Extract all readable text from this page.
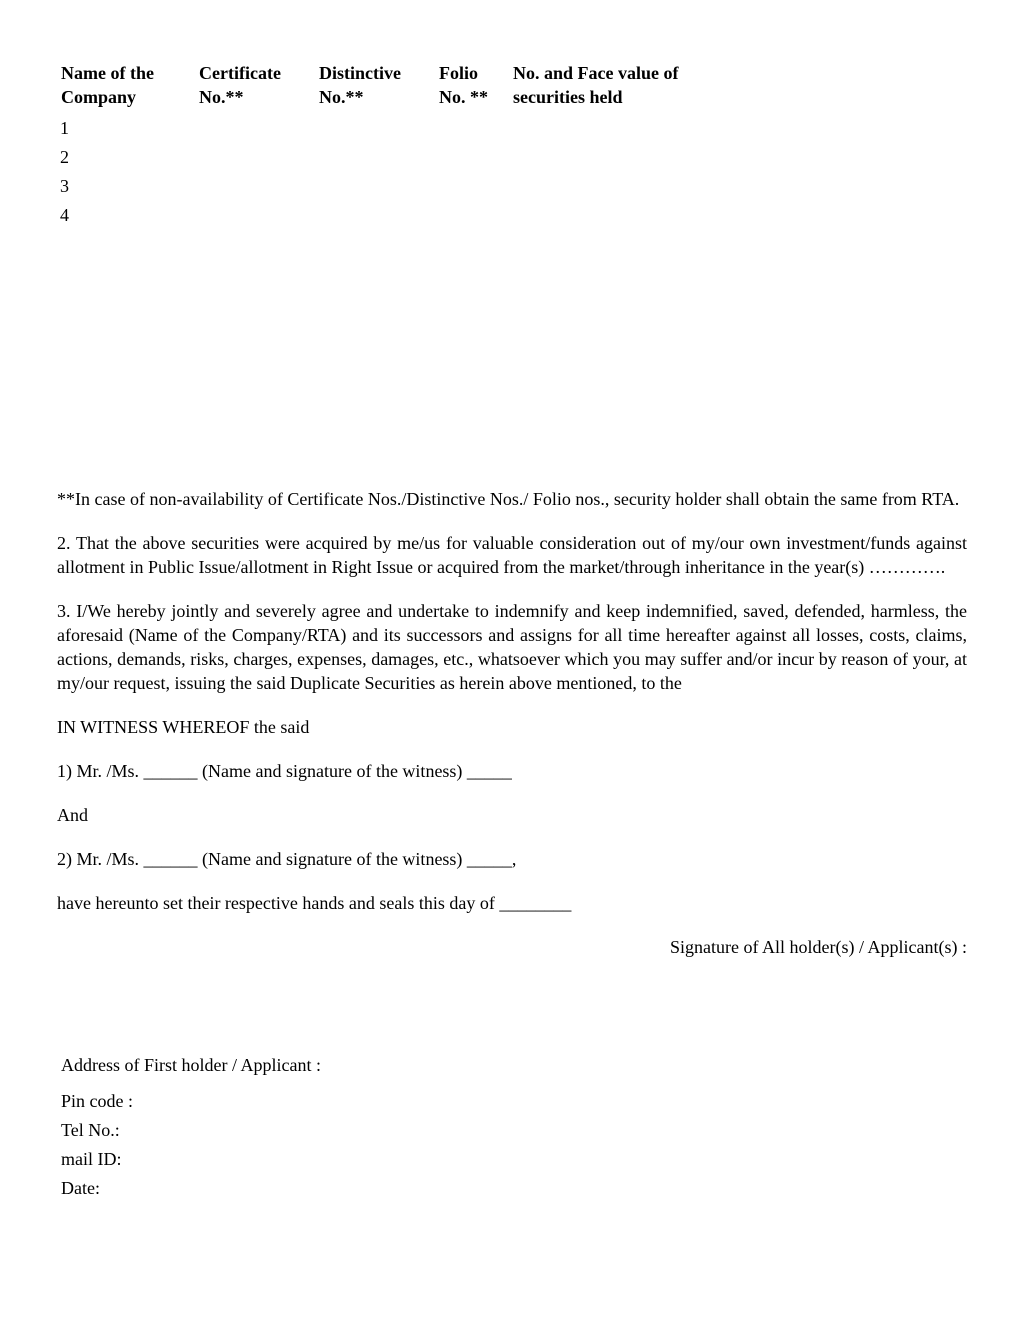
Name of the
Company
Certificate
No.**
Distinctive
No.**
Folio
No. **
No. and Face value of
securities held
1
2
3
4

**In case of non-availability of Certificate Nos./Distinctive Nos./ Folio nos., security holder shall obtain the same from RTA.

2. That the above securities were acquired by me/us for valuable consideration out of my/our own investment/funds against allotment in Public Issue/allotment in Right Issue or acquired from the market/through inheritance in the year(s) ………….

3. I/We hereby jointly and severely agree and undertake to indemnify and keep indemnified, saved, defended, harmless, the aforesaid (Name of the Company/RTA) and its successors and assigns for all time hereafter against all losses, costs, claims, actions, demands, risks, charges, expenses, damages, etc., whatsoever which you may suffer and/or incur by reason of your, at my/our request, issuing the said Duplicate Securities as herein above mentioned, to the

IN WITNESS WHEREOF the said

1) Mr. /Ms. ______ (Name and signature of the witness) _____

And

2) Mr. /Ms. ______ (Name and signature of the witness) _____,

have hereunto set their respective hands and seals this day of ________

Signature of All holder(s) / Applicant(s) :

Address of First holder / Applicant :
Pin code :
Tel No.:
mail ID:
Date:
